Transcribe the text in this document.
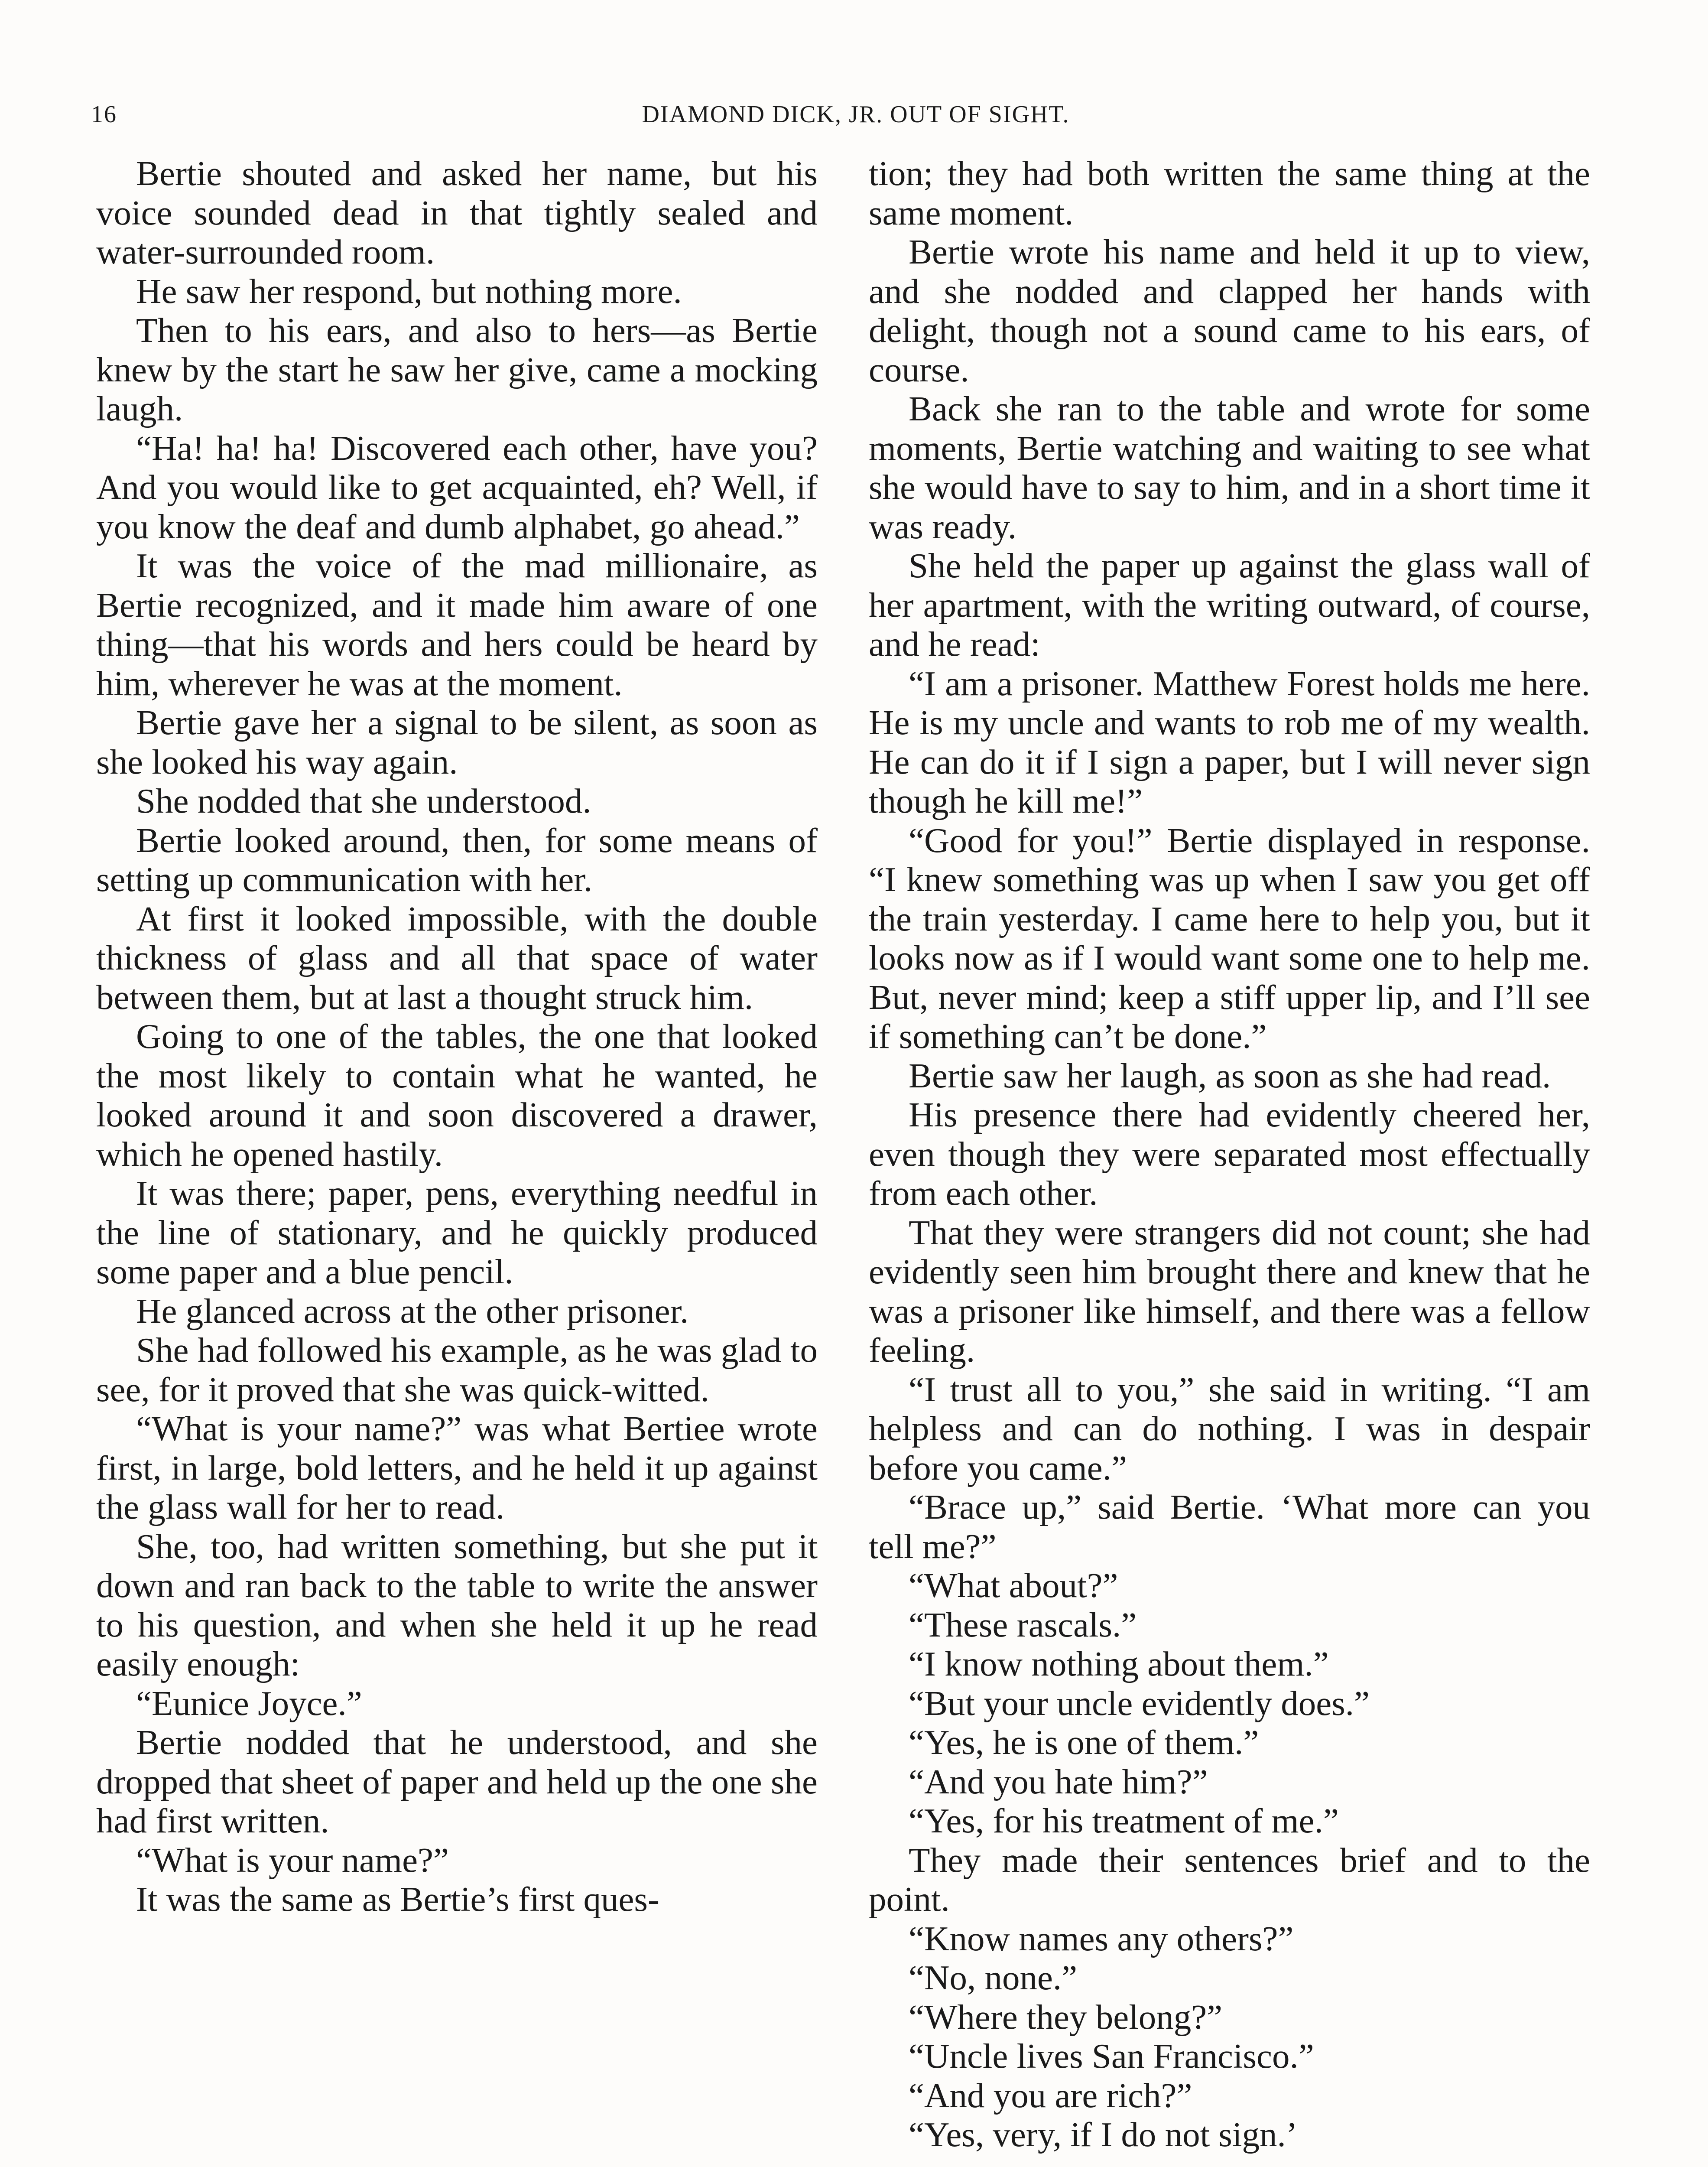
16	DIAMOND DICK, JR. OUT OF SIGHT.

Bertie shouted and asked her name, but his voice sounded dead in that tightly sealed and water-surrounded room.

He saw her respond, but nothing more.

Then to his ears, and also to hers—as Bertie knew by the start he saw her give, came a mocking laugh.

“Ha! ha! ha! Discovered each other, have you? And you would like to get acquainted, eh? Well, if you know the deaf and dumb alphabet, go ahead.”

It was the voice of the mad millionaire, as Bertie recognized, and it made him aware of one thing—that his words and hers could be heard by him, wherever he was at the moment.

Bertie gave her a signal to be silent, as soon as she looked his way again.

She nodded that she understood.

Bertie looked around, then, for some means of setting up communication with her.

At first it looked impossible, with the double thickness of glass and all that space of water between them, but at last a thought struck him.

Going to one of the tables, the one that looked the most likely to contain what he wanted, he looked around it and soon discovered a drawer, which he opened hastily.

It was there; paper, pens, everything needful in the line of stationary, and he quickly produced some paper and a blue pencil.

He glanced across at the other prisoner.

She had followed his example, as he was glad to see, for it proved that she was quick-witted.

“What is your name?” was what Bertiee wrote first, in large, bold letters, and he held it up against the glass wall for her to read.

She, too, had written something, but she put it down and ran back to the table to write the answer to his question, and when she held it up he read easily enough:

“Eunice Joyce.”

Bertie nodded that he understood, and she dropped that sheet of paper and held up the one she had first written.

“What is your name?”

It was the same as Bertie’s first ques-

tion; they had both written the same thing at the same moment.

Bertie wrote his name and held it up to view, and she nodded and clapped her hands with delight, though not a sound came to his ears, of course.

Back she ran to the table and wrote for some moments, Bertie watching and waiting to see what she would have to say to him, and in a short time it was ready.

She held the paper up against the glass wall of her apartment, with the writing outward, of course, and he read:

“I am a prisoner. Matthew Forest holds me here. He is my uncle and wants to rob me of my wealth. He can do it if I sign a paper, but I will never sign though he kill me!”

“Good for you!” Bertie displayed in response. “I knew something was up when I saw you get off the train yesterday. I came here to help you, but it looks now as if I would want some one to help me. But, never mind; keep a stiff upper lip, and I’ll see if something can’t be done.”

Bertie saw her laugh, as soon as she had read.

His presence there had evidently cheered her, even though they were separated most effectually from each other.

That they were strangers did not count; she had evidently seen him brought there and knew that he was a prisoner like himself, and there was a fellow feeling.

“I trust all to you,” she said in writing. “I am helpless and can do nothing. I was in despair before you came.”

“Brace up,” said Bertie. ‘What more can you tell me?”

“What about?”

“These rascals.”

“I know nothing about them.”

“But your uncle evidently does.”

“Yes, he is one of them.”

“And you hate him?”

“Yes, for his treatment of me.”

They made their sentences brief and to the point.

“Know names any others?”

“No, none.”

“Where they belong?”

“Uncle lives San Francisco.”

“And you are rich?”

“Yes, very, if I do not sign.’
